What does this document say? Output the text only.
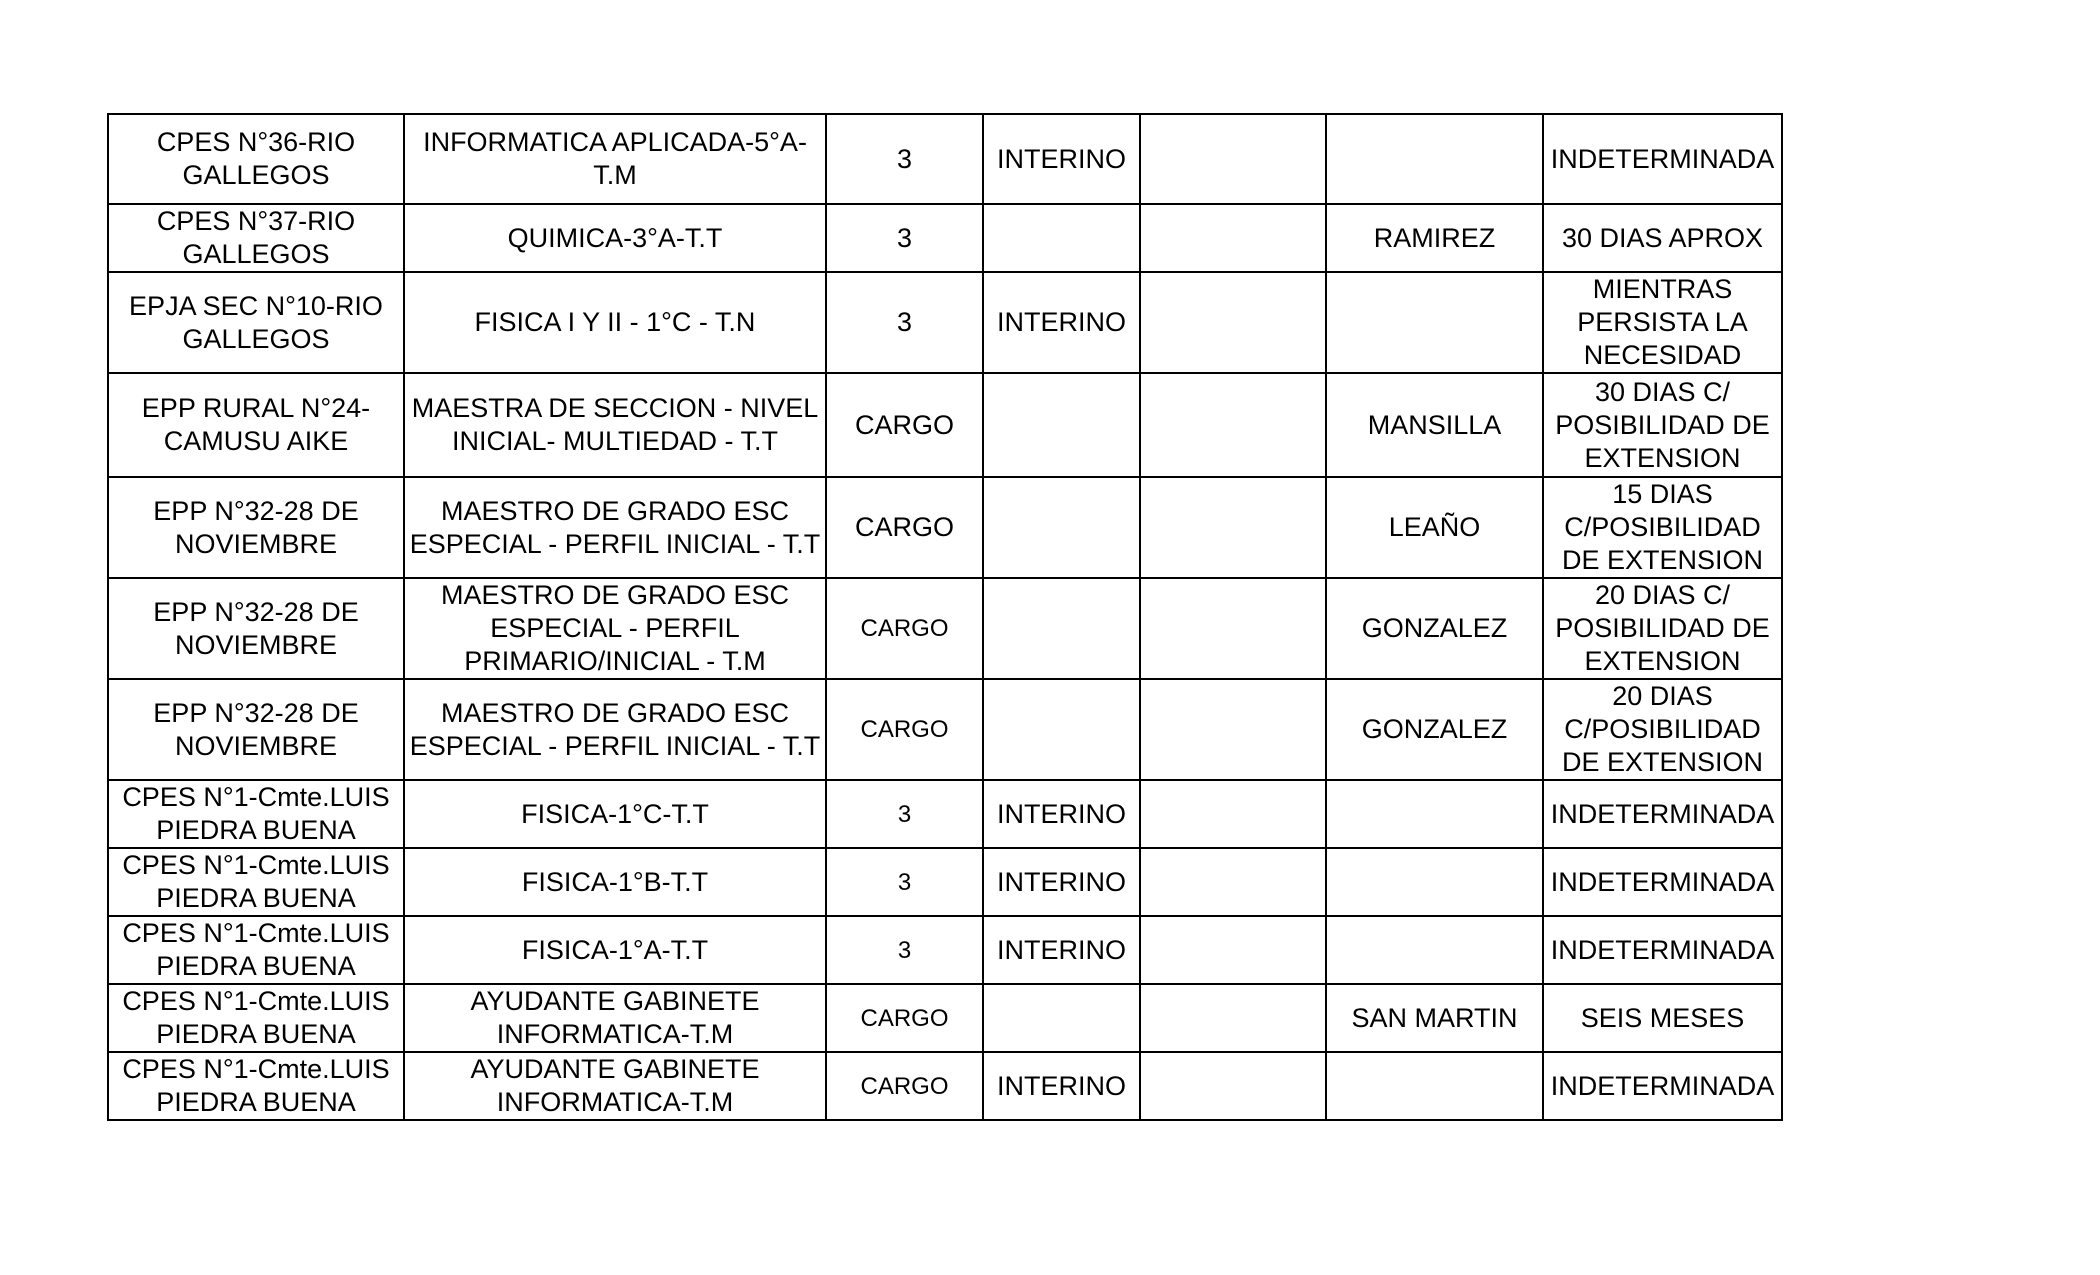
CPES N°36-RIO GALLEGOS	INFORMATICA APLICADA-5°A-T.M	3	INTERINO			INDETERMINADA
CPES N°37-RIO GALLEGOS	QUIMICA-3°A-T.T	3			RAMIREZ	30 DIAS APROX
EPJA SEC N°10-RIO GALLEGOS	FISICA I Y II - 1°C - T.N	3	INTERINO			MIENTRAS PERSISTA LA NECESIDAD
EPP RURAL N°24-CAMUSU AIKE	MAESTRA DE SECCION - NIVEL INICIAL- MULTIEDAD - T.T	CARGO			MANSILLA	30 DIAS C/ POSIBILIDAD DE EXTENSION
EPP N°32-28 DE NOVIEMBRE	MAESTRO DE GRADO ESC ESPECIAL - PERFIL INICIAL - T.T	CARGO			LEAÑO	15 DIAS C/POSIBILIDAD DE EXTENSION
EPP N°32-28 DE NOVIEMBRE	MAESTRO DE GRADO ESC ESPECIAL - PERFIL PRIMARIO/INICIAL - T.M	CARGO			GONZALEZ	20 DIAS C/ POSIBILIDAD DE EXTENSION
EPP N°32-28 DE NOVIEMBRE	MAESTRO DE GRADO ESC ESPECIAL - PERFIL INICIAL - T.T	CARGO			GONZALEZ	20 DIAS C/POSIBILIDAD DE EXTENSION
CPES N°1-Cmte.LUIS PIEDRA BUENA	FISICA-1°C-T.T	3	INTERINO			INDETERMINADA
CPES N°1-Cmte.LUIS PIEDRA BUENA	FISICA-1°B-T.T	3	INTERINO			INDETERMINADA
CPES N°1-Cmte.LUIS PIEDRA BUENA	FISICA-1°A-T.T	3	INTERINO			INDETERMINADA
CPES N°1-Cmte.LUIS PIEDRA BUENA	AYUDANTE GABINETE INFORMATICA-T.M	CARGO			SAN MARTIN	SEIS MESES
CPES N°1-Cmte.LUIS PIEDRA BUENA	AYUDANTE GABINETE INFORMATICA-T.M	CARGO	INTERINO			INDETERMINADA
